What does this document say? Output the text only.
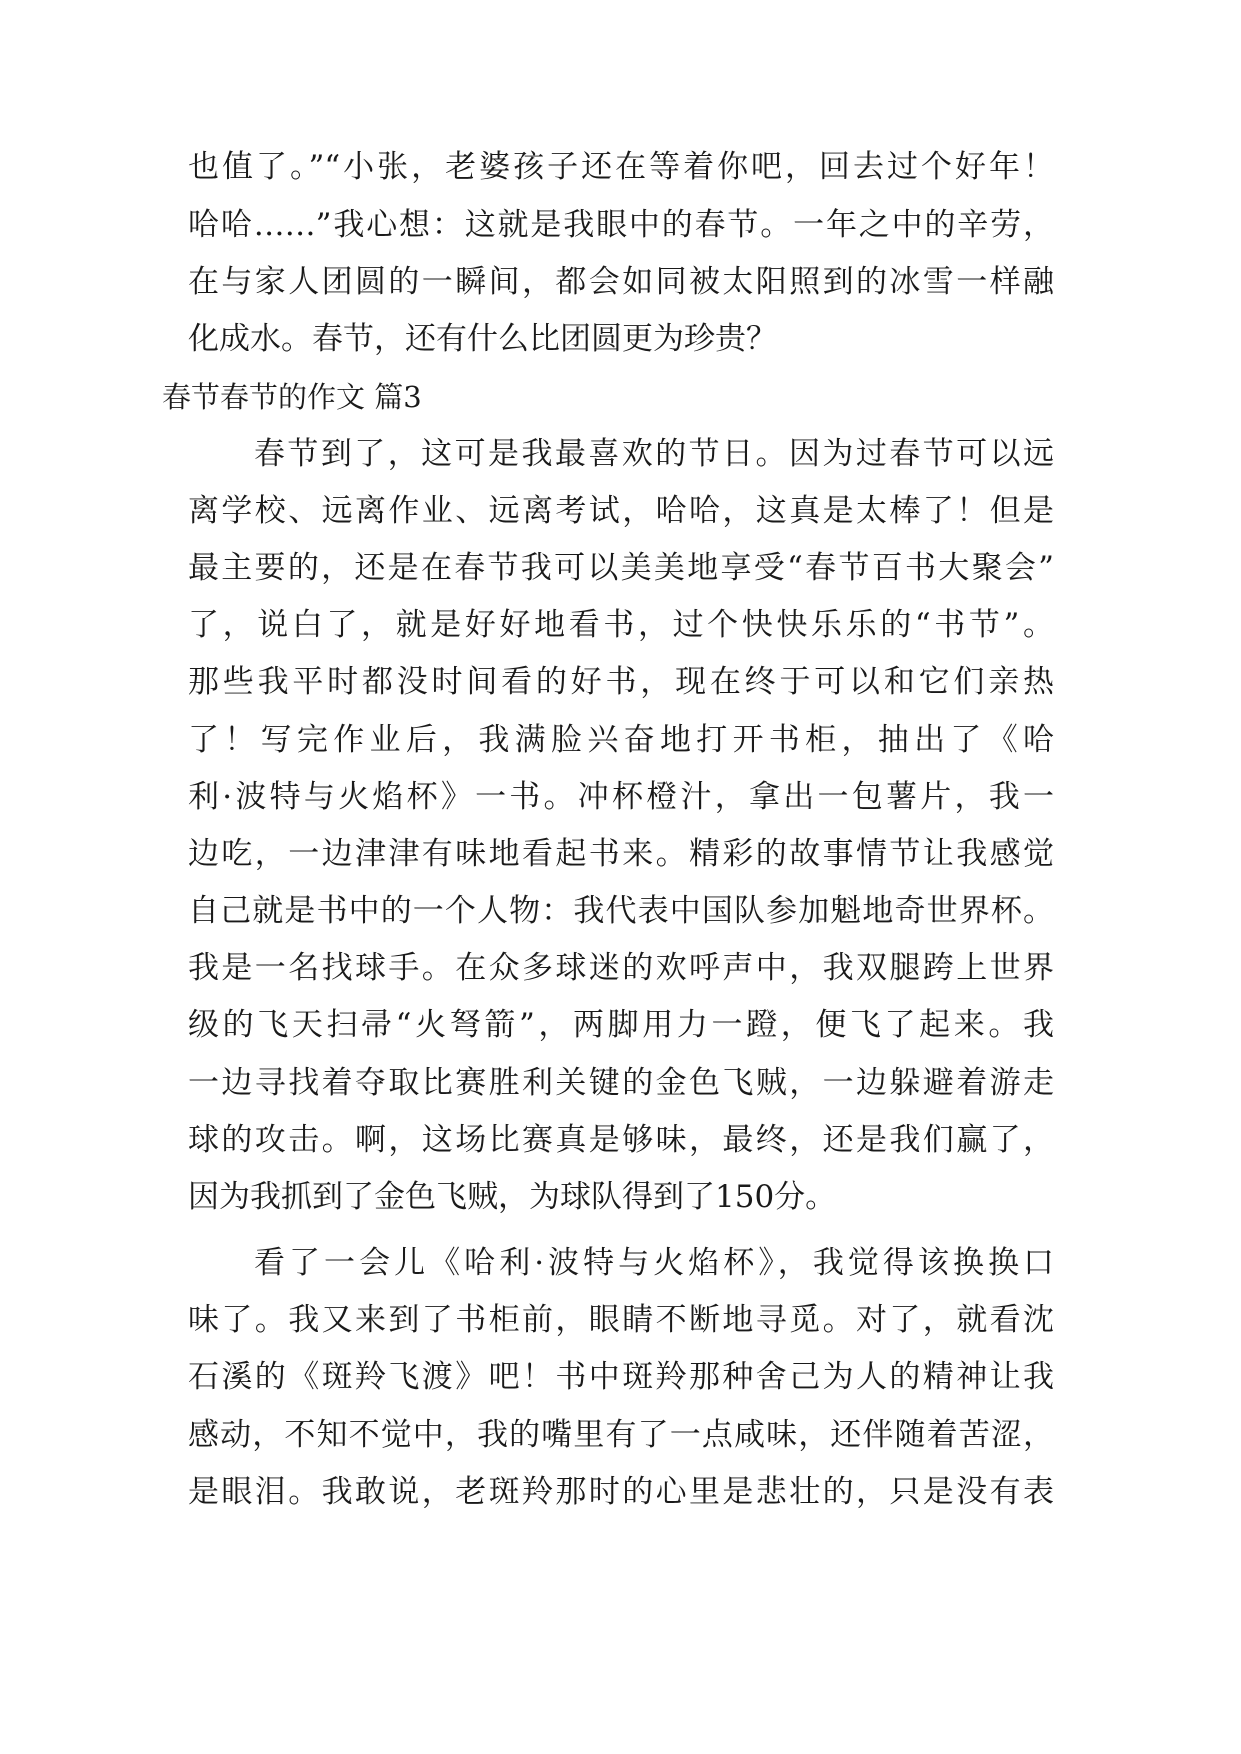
也值了。”“小张，老婆孩子还在等着你吧，回去过个好年！
哈哈……”我心想：这就是我眼中的春节。一年之中的辛劳，
在与家人团圆的一瞬间，都会如同被太阳照到的冰雪一样融
化成水。春节，还有什么比团圆更为珍贵？
春节春节的作文 篇3
春节到了，这可是我最喜欢的节日。因为过春节可以远
离学校、远离作业、远离考试，哈哈，这真是太棒了！但是
最主要的，还是在春节我可以美美地享受“春节百书大聚会”
了，说白了，就是好好地看书，过个快快乐乐的“书节”。
那些我平时都没时间看的好书，现在终于可以和它们亲热
了！写完作业后，我满脸兴奋地打开书柜，抽出了《哈
利·波特与火焰杯》一书。冲杯橙汁，拿出一包薯片，我一
边吃，一边津津有味地看起书来。精彩的故事情节让我感觉
自己就是书中的一个人物：我代表中国队参加魁地奇世界杯。
我是一名找球手。在众多球迷的欢呼声中，我双腿跨上世界
级的飞天扫帚“火弩箭”，两脚用力一蹬，便飞了起来。我
一边寻找着夺取比赛胜利关键的金色飞贼，一边躲避着游走
球的攻击。啊，这场比赛真是够味，最终，还是我们赢了，
因为我抓到了金色飞贼，为球队得到了150分。
看了一会儿《哈利·波特与火焰杯》，我觉得该换换口
味了。我又来到了书柜前，眼睛不断地寻觅。对了，就看沈
石溪的《斑羚飞渡》吧！书中斑羚那种舍己为人的精神让我
感动，不知不觉中，我的嘴里有了一点咸味，还伴随着苦涩，
是眼泪。我敢说，老斑羚那时的心里是悲壮的，只是没有表
